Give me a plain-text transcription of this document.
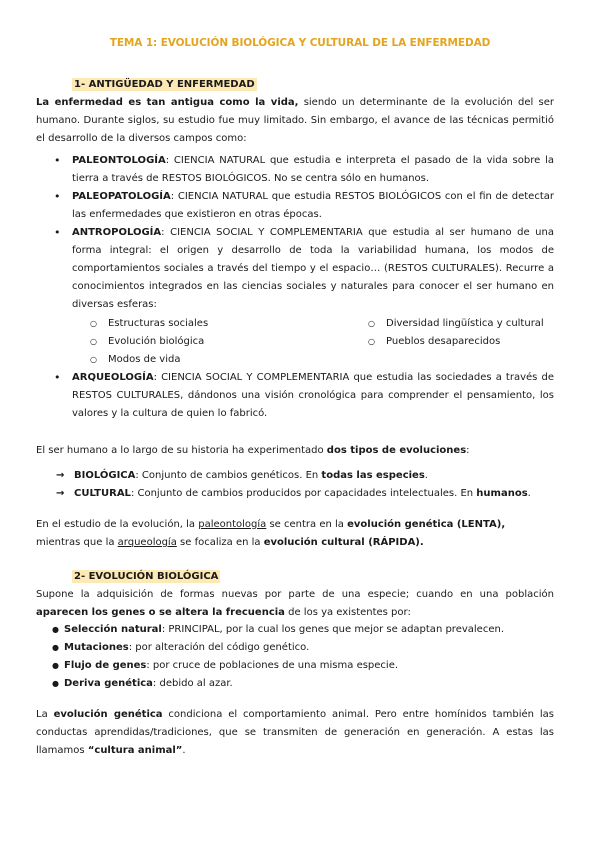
TEMA 1: EVOLUCIÓN BIOLÓGICA Y CULTURAL DE LA ENFERMEDAD
1- ANTIGÜEDAD Y ENFERMEDAD
La enfermedad es tan antigua como la vida, siendo un determinante de la evolución del ser humano. Durante siglos, su estudio fue muy limitado. Sin embargo, el avance de las técnicas permitió el desarrollo de la diversos campos como:
• PALEONTOLOGÍA: CIENCIA NATURAL que estudia e interpreta el pasado de la vida sobre la tierra a través de RESTOS BIOLÓGICOS. No se centra sólo en humanos.
• PALEOPATOLOGÍA: CIENCIA NATURAL que estudia RESTOS BIOLÓGICOS con el fin de detectar las enfermedades que existieron en otras épocas.
• ANTROPOLOGÍA: CIENCIA SOCIAL Y COMPLEMENTARIA que estudia al ser humano de una forma integral: el origen y desarrollo de toda la variabilidad humana, los modos de comportamientos sociales a través del tiempo y el espacio… (RESTOS CULTURALES). Recurre a conocimientos integrados en las ciencias sociales y naturales para conocer el ser humano en diversas esferas:
○ Estructuras sociales	○ Diversidad lingüística y cultural
○ Evolución biológica	○ Pueblos desaparecidos
○ Modos de vida
• ARQUEOLOGÍA: CIENCIA SOCIAL Y COMPLEMENTARIA que estudia las sociedades a través de RESTOS CULTURALES, dándonos una visión cronológica para comprender el pensamiento, los valores y la cultura de quien lo fabricó.
El ser humano a lo largo de su historia ha experimentado dos tipos de evoluciones:
→ BIOLÓGICA: Conjunto de cambios genéticos. En todas las especies.
→ CULTURAL: Conjunto de cambios producidos por capacidades intelectuales. En humanos.
En el estudio de la evolución, la paleontología se centra en la evolución genética (LENTA),
mientras que la arqueología se focaliza en la evolución cultural (RÁPIDA).
2- EVOLUCIÓN BIOLÓGICA
Supone la adquisición de formas nuevas por parte de una especie; cuando en una población aparecen los genes o se altera la frecuencia de los ya existentes por:
● Selección natural: PRINCIPAL, por la cual los genes que mejor se adaptan prevalecen.
● Mutaciones: por alteración del código genético.
● Flujo de genes: por cruce de poblaciones de una misma especie.
● Deriva genética: debido al azar.
La evolución genética condiciona el comportamiento animal. Pero entre homínidos también las conductas aprendidas/tradiciones, que se transmiten de generación en generación. A estas las llamamos “cultura animal”.
